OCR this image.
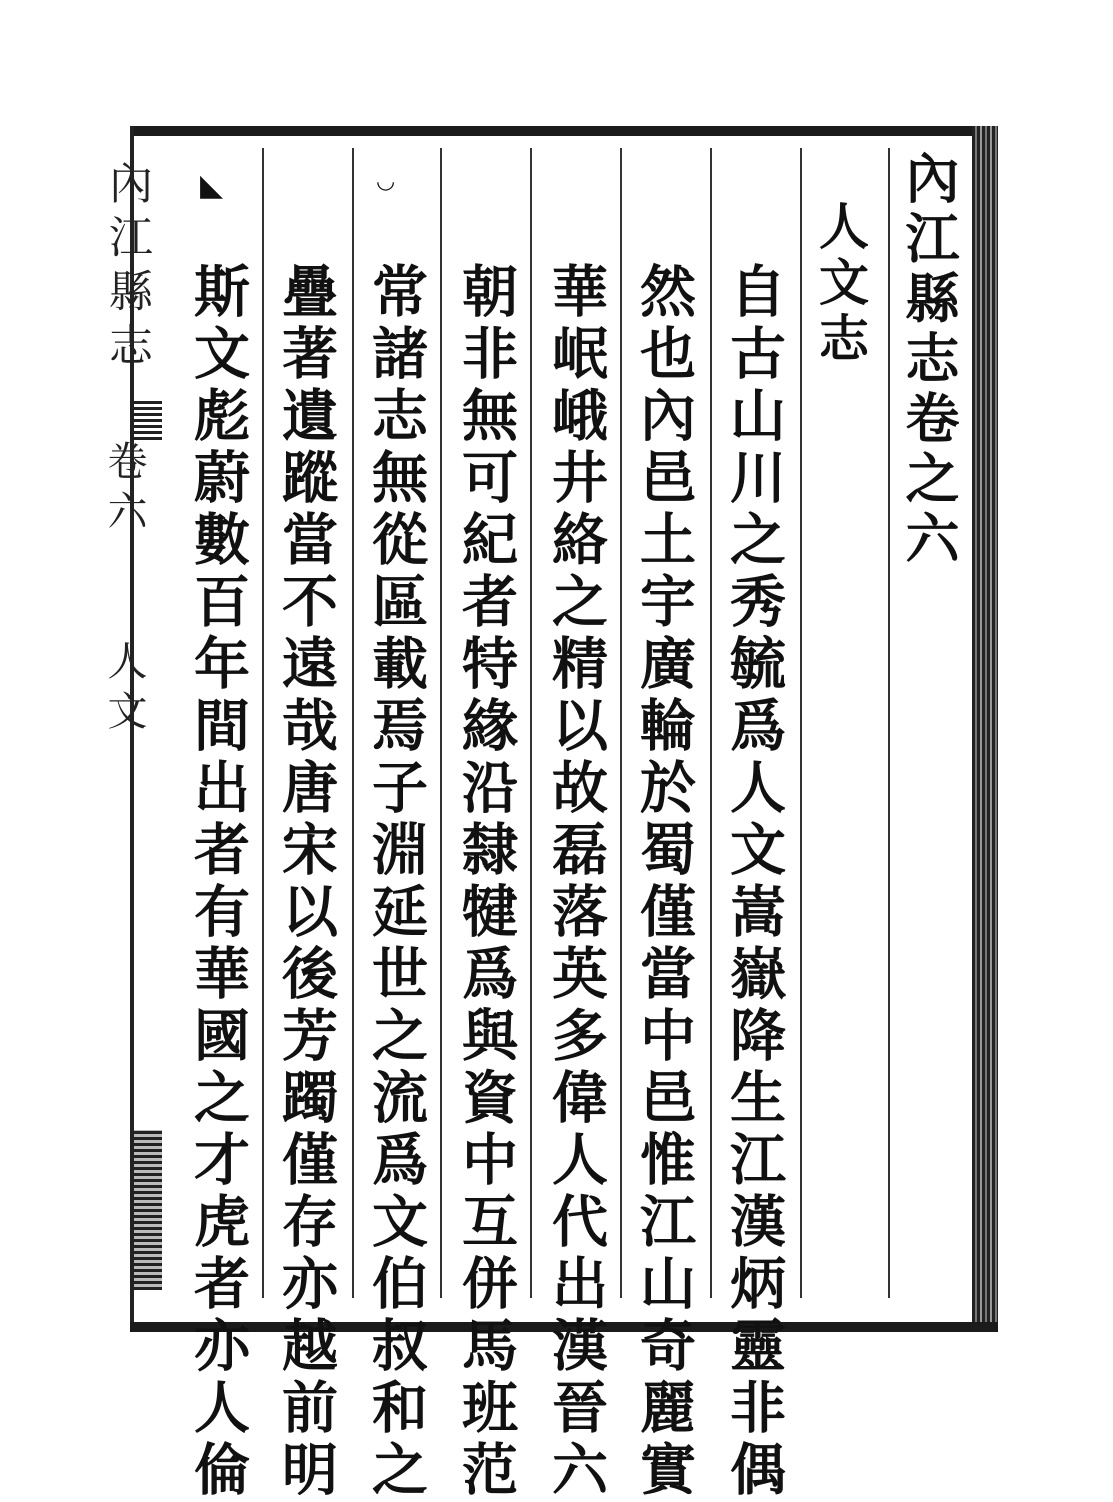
內江縣志卷之六
人文志
自古山川之秀毓爲人文嵩嶽降生江漢炳靈非偶
然也內邑土宇廣輪於蜀僅當中邑惟江山奇麗實
華岷峨井絡之精以故磊落英多偉人代出漢晉六
朝非無可紀者特緣沿隸犍爲與資中互併馬班范
常諸志無從區載焉子淵延世之流爲文伯叔和之
疊著遺蹤當不遠哉唐宋以後芳躅僅存亦越前明
斯文彪蔚數百年間出者有華國之才虎者亦人倫
內江縣志
卷六
人文
◣	◡
